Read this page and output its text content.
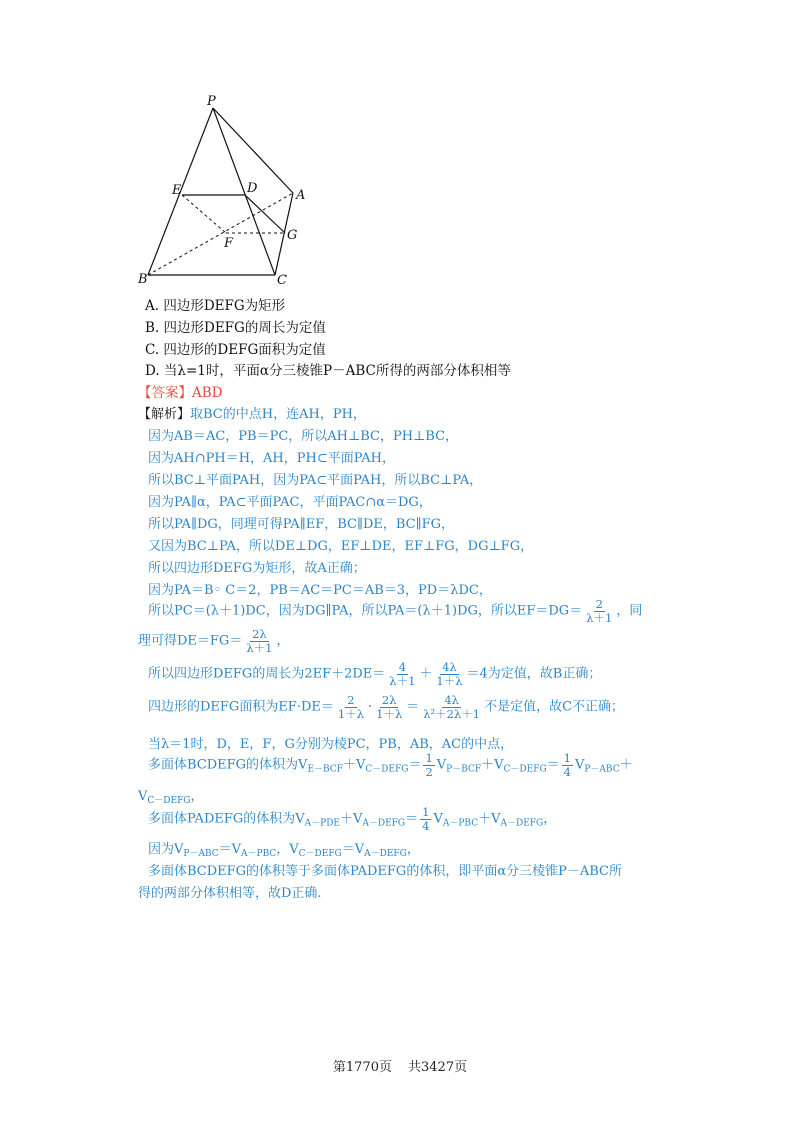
P
E	D	A
F
G
B	C
A. 四边形DEFG为矩形
B. 四边形DEFG的周长为定值
C. 四边形的DEFG面积为定值
D. 当λ=1时，平面α分三棱锥P－ABC所得的两部分体积相等
【答案】ABD
【解析】取BC的中点H，连AH，PH，
因为AB＝AC，PB＝PC，所以AH⊥BC，PH⊥BC，
因为AH∩PH＝H，AH，PH⊂平面PAH，
所以BC⊥平面PAH，因为PA⊂平面PAH，所以BC⊥PA，
因为PA∥α，PA⊂平面PAC，平面PAC∩α＝DG，
所以PA∥DG，同理可得PA∥EF，BC∥DE，BC∥FG，
又因为BC⊥PA，所以DE⊥DG，EF⊥DE，EF⊥FG，DG⊥FG，
所以四边形DEFG为矩形，故A正确；
因为PA＝B◦ C＝2，PB＝AC＝PC＝AB＝3，PD＝λDC，
所以PC＝(λ＋1)DC，因为DG∥PA，所以PA＝(λ＋1)DG，所以$EF=DG= \frac{2}{\lambda+1}$ ，同
理可得$DE=FG= \frac{2\lambda}{\lambda+1}$ ，
所以四边形DEFG的周长为$2EF+2DE= \frac{4}{\lambda+1} + \frac{4\lambda}{1+\lambda} =4$为定值，故B正确；
四边形的DEFG面积为$EF\cdot DE= \frac{2}{1+\lambda} \cdot \frac{2\lambda}{1+\lambda} = \frac{4\lambda}{\text{λ²＋2λ＋1}}$ 不是定值，故C不正确；
当λ＝1时，D，E，F，G分别为棱PC，PB，AB，AC的中点，
多面体BCDEFG的体积为$V_{E-BCF}+V_{C-DEFG}= \frac{1}{2} V_{P-BCF}+V_{C-DEFG}= \frac{1}{4} V_{P-ABC}+$
$V_{C-DEFG}$，
多面体PADEFG的体积为$V_{A-PDE}+V_{A-DEFG}= \frac{1}{4} V_{A-PBC}+V_{A-DEFG}$，
因为$V_{P-ABC}=V_{A-PBC}$，$V_{C-DEFG}=V_{A-DEFG}$，
多面体BCDEFG的体积等于多面体PADEFG的体积，即平面α分三棱锥P－ABC所
得的两部分体积相等，故D正确.
第1770页 共3427页
